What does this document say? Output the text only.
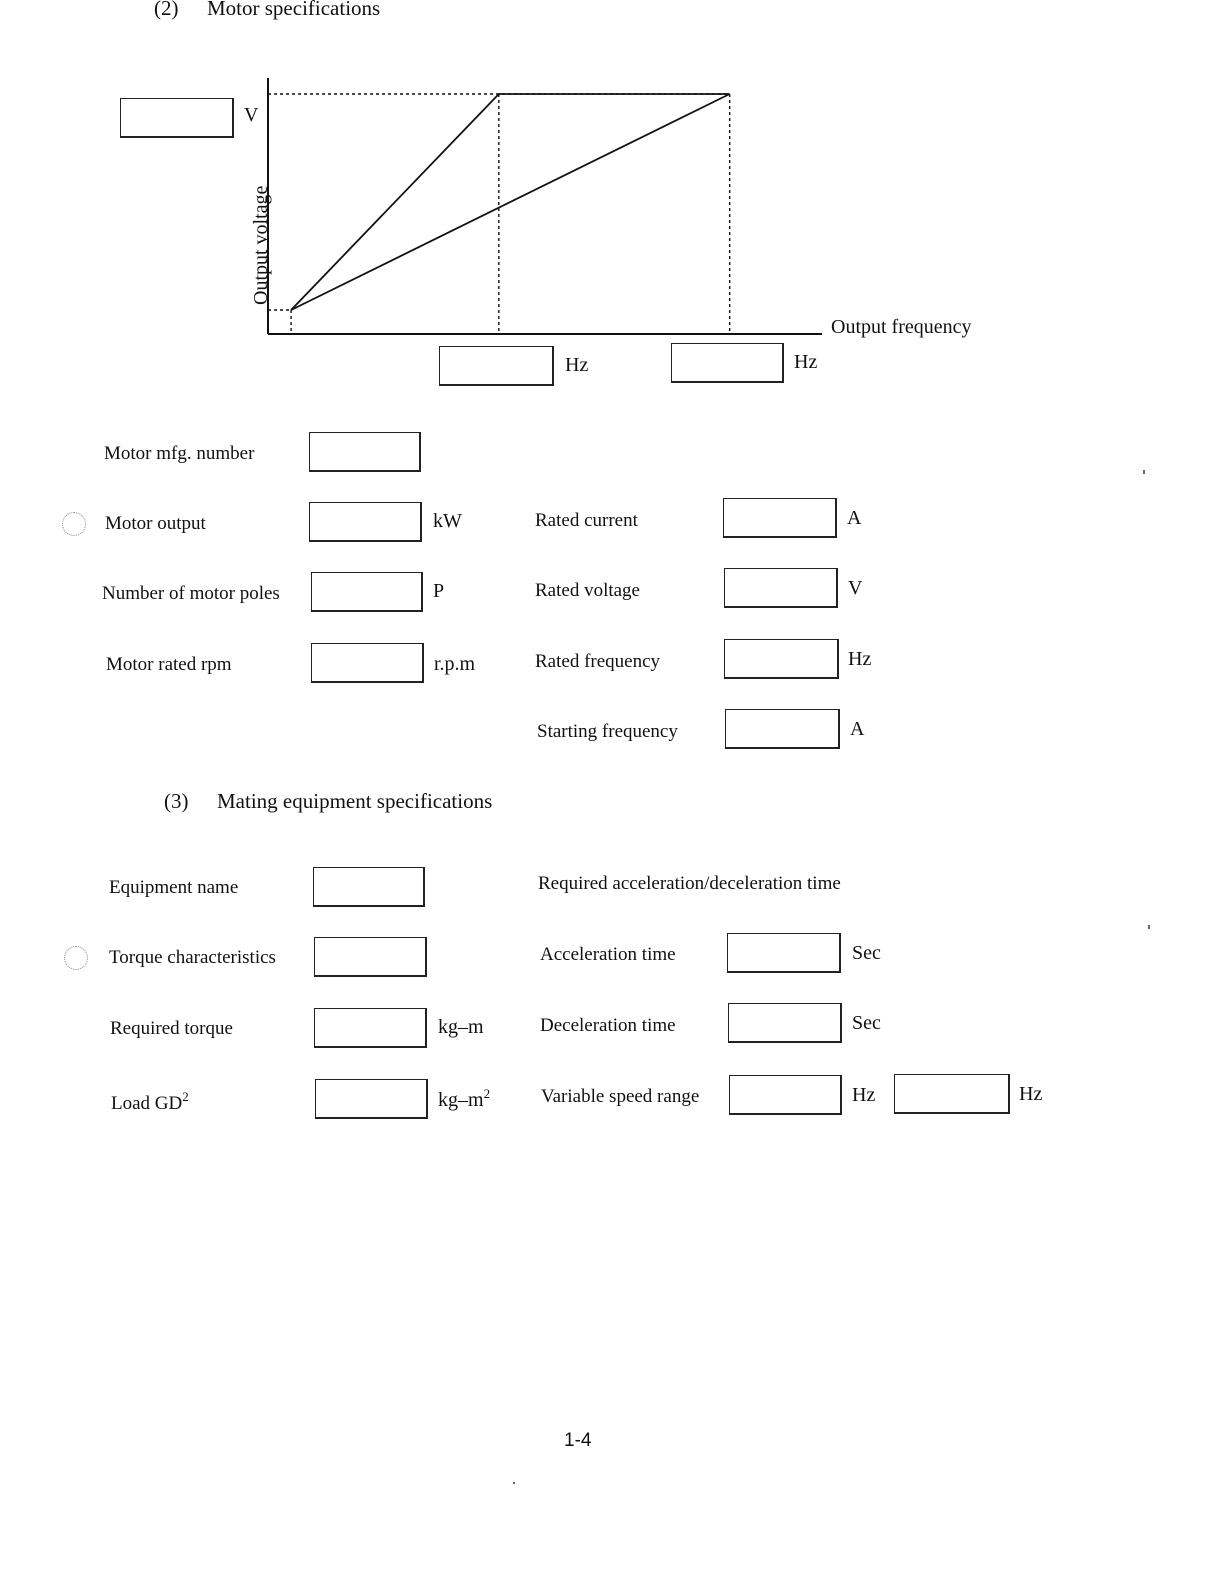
(2) Motor specifications
V
Output voltage
Output frequency
Hz	Hz
Motor mfg. number
Motor output	kW
Number of motor poles	P
Motor rated rpm	r.p.m
Rated current	A
Rated voltage	V
Rated frequency	Hz
Starting frequency	A
(3) Mating equipment specifications
Equipment name
Torque characteristics
Required torque	kg–m
Load $GD^2$	$kg-m^2$
Required acceleration/deceleration time
Acceleration time	Sec
Deceleration time	Sec
Variable speed range	Hz	Hz
1-4
